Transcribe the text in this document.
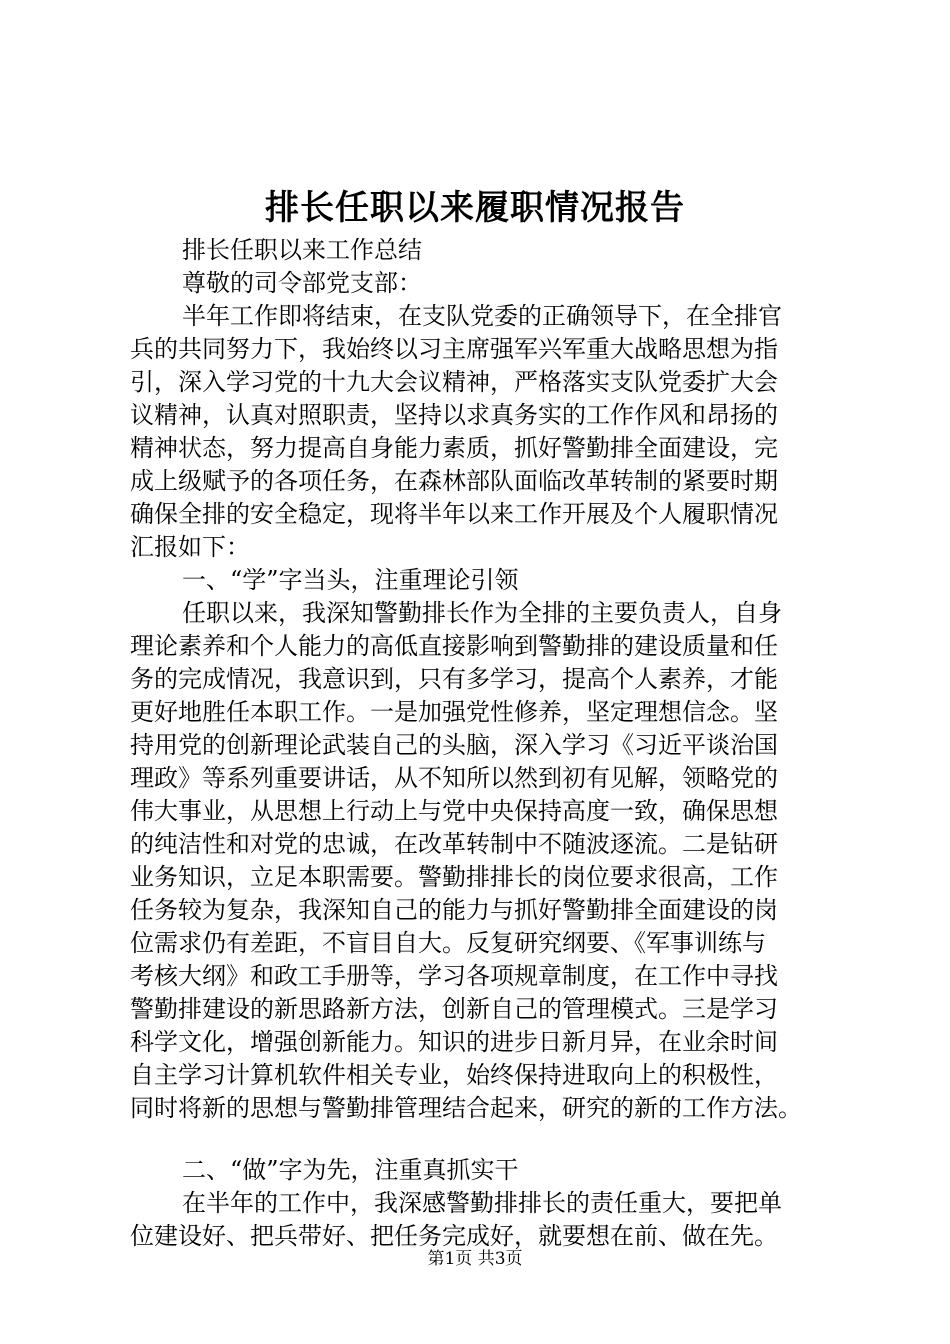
排长任职以来履职情况报告
排长任职以来工作总结
尊敬的司令部党支部：
半年工作即将结束，在支队党委的正确领导下，在全排官
兵的共同努力下，我始终以习主席强军兴军重大战略思想为指
引，深入学习党的十九大会议精神，严格落实支队党委扩大会
议精神，认真对照职责，坚持以求真务实的工作作风和昂扬的
精神状态，努力提高自身能力素质，抓好警勤排全面建设，完
成上级赋予的各项任务，在森林部队面临改革转制的紧要时期
确保全排的安全稳定，现将半年以来工作开展及个人履职情况
汇报如下：
一、“学”字当头，注重理论引领
任职以来，我深知警勤排长作为全排的主要负责人，自身
理论素养和个人能力的高低直接影响到警勤排的建设质量和任
务的完成情况，我意识到，只有多学习，提高个人素养，才能
更好地胜任本职工作。一是加强党性修养，坚定理想信念。坚
持用党的创新理论武装自己的头脑，深入学习《习近平谈治国
理政》等系列重要讲话，从不知所以然到初有见解，领略党的
伟大事业，从思想上行动上与党中央保持高度一致，确保思想
的纯洁性和对党的忠诚，在改革转制中不随波逐流。二是钻研
业务知识，立足本职需要。警勤排排长的岗位要求很高，工作
任务较为复杂，我深知自己的能力与抓好警勤排全面建设的岗
位需求仍有差距，不盲目自大。反复研究纲要、《军事训练与
考核大纲》和政工手册等，学习各项规章制度，在工作中寻找
警勤排建设的新思路新方法，创新自己的管理模式。三是学习
科学文化，增强创新能力。知识的进步日新月异，在业余时间
自主学习计算机软件相关专业，始终保持进取向上的积极性，
同时将新的思想与警勤排管理结合起来，研究的新的工作方法。
二、“做”字为先，注重真抓实干
在半年的工作中，我深感警勤排排长的责任重大，要把单
位建设好、把兵带好、把任务完成好，就要想在前、做在先。
第1页 共3页
